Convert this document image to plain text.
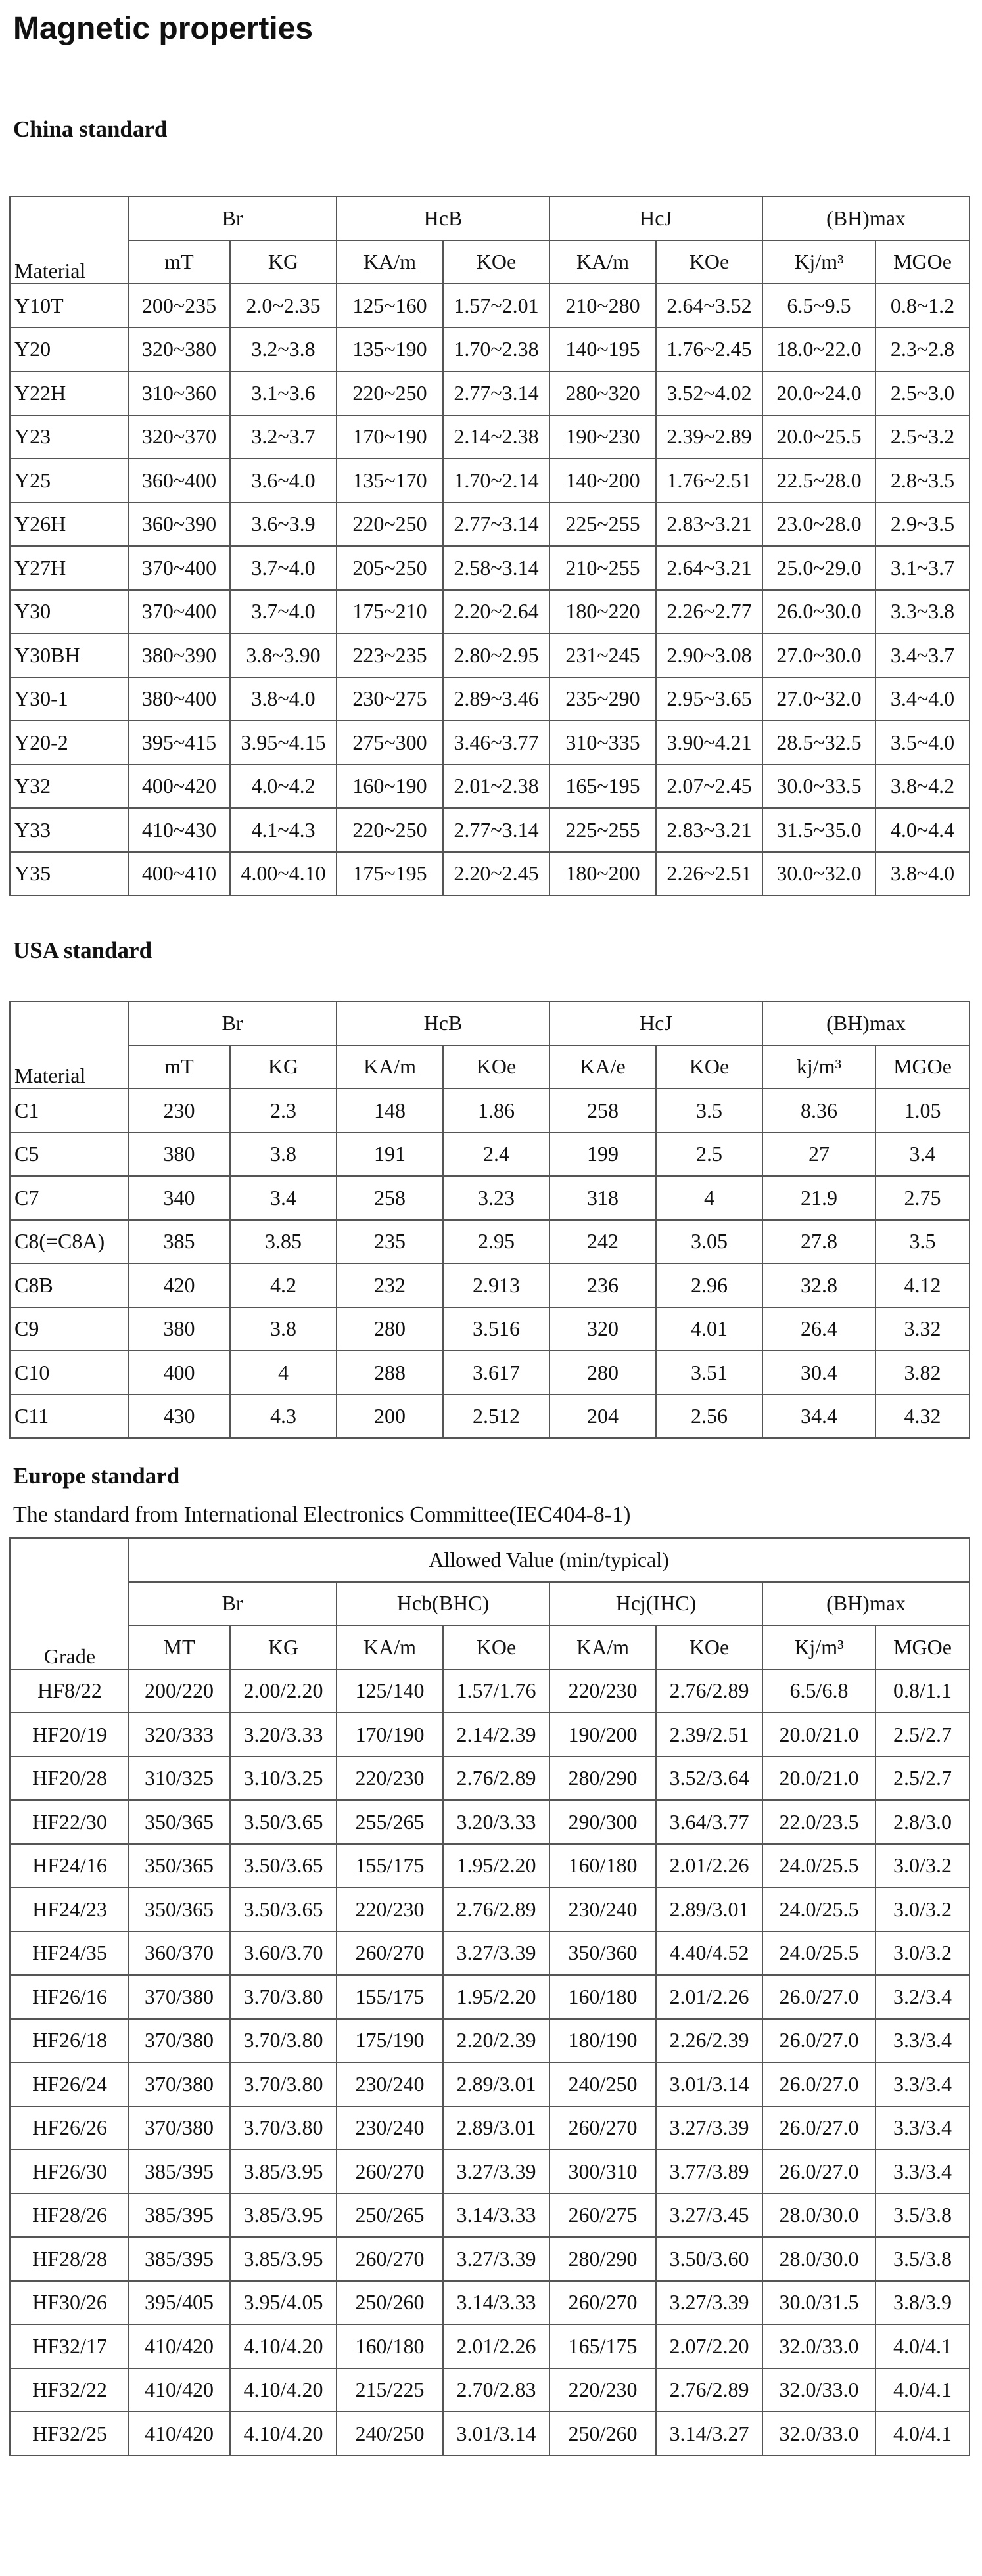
Magnetic properties
China standard
Material	Br		HcB		HcJ		(BH)max	
	mT	KG	KA/m	KOe	KA/m	KOe	Kj/m³	MGOe
Y10T	200~235	2.0~2.35	125~160	1.57~2.01	210~280	2.64~3.52	6.5~9.5	0.8~1.2
Y20	320~380	3.2~3.8	135~190	1.70~2.38	140~195	1.76~2.45	18.0~22.0	2.3~2.8
Y22H	310~360	3.1~3.6	220~250	2.77~3.14	280~320	3.52~4.02	20.0~24.0	2.5~3.0
Y23	320~370	3.2~3.7	170~190	2.14~2.38	190~230	2.39~2.89	20.0~25.5	2.5~3.2
Y25	360~400	3.6~4.0	135~170	1.70~2.14	140~200	1.76~2.51	22.5~28.0	2.8~3.5
Y26H	360~390	3.6~3.9	220~250	2.77~3.14	225~255	2.83~3.21	23.0~28.0	2.9~3.5
Y27H	370~400	3.7~4.0	205~250	2.58~3.14	210~255	2.64~3.21	25.0~29.0	3.1~3.7
Y30	370~400	3.7~4.0	175~210	2.20~2.64	180~220	2.26~2.77	26.0~30.0	3.3~3.8
Y30BH	380~390	3.8~3.90	223~235	2.80~2.95	231~245	2.90~3.08	27.0~30.0	3.4~3.7
Y30-1	380~400	3.8~4.0	230~275	2.89~3.46	235~290	2.95~3.65	27.0~32.0	3.4~4.0
Y20-2	395~415	3.95~4.15	275~300	3.46~3.77	310~335	3.90~4.21	28.5~32.5	3.5~4.0
Y32	400~420	4.0~4.2	160~190	2.01~2.38	165~195	2.07~2.45	30.0~33.5	3.8~4.2
Y33	410~430	4.1~4.3	220~250	2.77~3.14	225~255	2.83~3.21	31.5~35.0	4.0~4.4
Y35	400~410	4.00~4.10	175~195	2.20~2.45	180~200	2.26~2.51	30.0~32.0	3.8~4.0
USA standard
Material	Br		HcB		HcJ		(BH)max	
	mT	KG	KA/m	KOe	KA/e	KOe	kj/m³	MGOe
C1	230	2.3	148	1.86	258	3.5	8.36	1.05
C5	380	3.8	191	2.4	199	2.5	27	3.4
C7	340	3.4	258	3.23	318	4	21.9	2.75
C8(=C8A)	385	3.85	235	2.95	242	3.05	27.8	3.5
C8B	420	4.2	232	2.913	236	2.96	32.8	4.12
C9	380	3.8	280	3.516	320	4.01	26.4	3.32
C10	400	4	288	3.617	280	3.51	30.4	3.82
C11	430	4.3	200	2.512	204	2.56	34.4	4.32
Europe standard

The standard from International Electronics Committee(IEC404-8-1)

Grade	Allowed Value (min/typical)							
	Br		Hcb(BHC)		Hcj(IHC)		(BH)max	
	MT	KG	KA/m	KOe	KA/m	KOe	Kj/m³	MGOe
HF8/22	200/220	2.00/2.20	125/140	1.57/1.76	220/230	2.76/2.89	6.5/6.8	0.8/1.1
HF20/19	320/333	3.20/3.33	170/190	2.14/2.39	190/200	2.39/2.51	20.0/21.0	2.5/2.7
HF20/28	310/325	3.10/3.25	220/230	2.76/2.89	280/290	3.52/3.64	20.0/21.0	2.5/2.7
HF22/30	350/365	3.50/3.65	255/265	3.20/3.33	290/300	3.64/3.77	22.0/23.5	2.8/3.0
HF24/16	350/365	3.50/3.65	155/175	1.95/2.20	160/180	2.01/2.26	24.0/25.5	3.0/3.2
HF24/23	350/365	3.50/3.65	220/230	2.76/2.89	230/240	2.89/3.01	24.0/25.5	3.0/3.2
HF24/35	360/370	3.60/3.70	260/270	3.27/3.39	350/360	4.40/4.52	24.0/25.5	3.0/3.2
HF26/16	370/380	3.70/3.80	155/175	1.95/2.20	160/180	2.01/2.26	26.0/27.0	3.2/3.4
HF26/18	370/380	3.70/3.80	175/190	2.20/2.39	180/190	2.26/2.39	26.0/27.0	3.3/3.4
HF26/24	370/380	3.70/3.80	230/240	2.89/3.01	240/250	3.01/3.14	26.0/27.0	3.3/3.4
HF26/26	370/380	3.70/3.80	230/240	2.89/3.01	260/270	3.27/3.39	26.0/27.0	3.3/3.4
HF26/30	385/395	3.85/3.95	260/270	3.27/3.39	300/310	3.77/3.89	26.0/27.0	3.3/3.4
HF28/26	385/395	3.85/3.95	250/265	3.14/3.33	260/275	3.27/3.45	28.0/30.0	3.5/3.8
HF28/28	385/395	3.85/3.95	260/270	3.27/3.39	280/290	3.50/3.60	28.0/30.0	3.5/3.8
HF30/26	395/405	3.95/4.05	250/260	3.14/3.33	260/270	3.27/3.39	30.0/31.5	3.8/3.9
HF32/17	410/420	4.10/4.20	160/180	2.01/2.26	165/175	2.07/2.20	32.0/33.0	4.0/4.1
HF32/22	410/420	4.10/4.20	215/225	2.70/2.83	220/230	2.76/2.89	32.0/33.0	4.0/4.1
HF32/25	410/420	4.10/4.20	240/250	3.01/3.14	250/260	3.14/3.27	32.0/33.0	4.0/4.1
